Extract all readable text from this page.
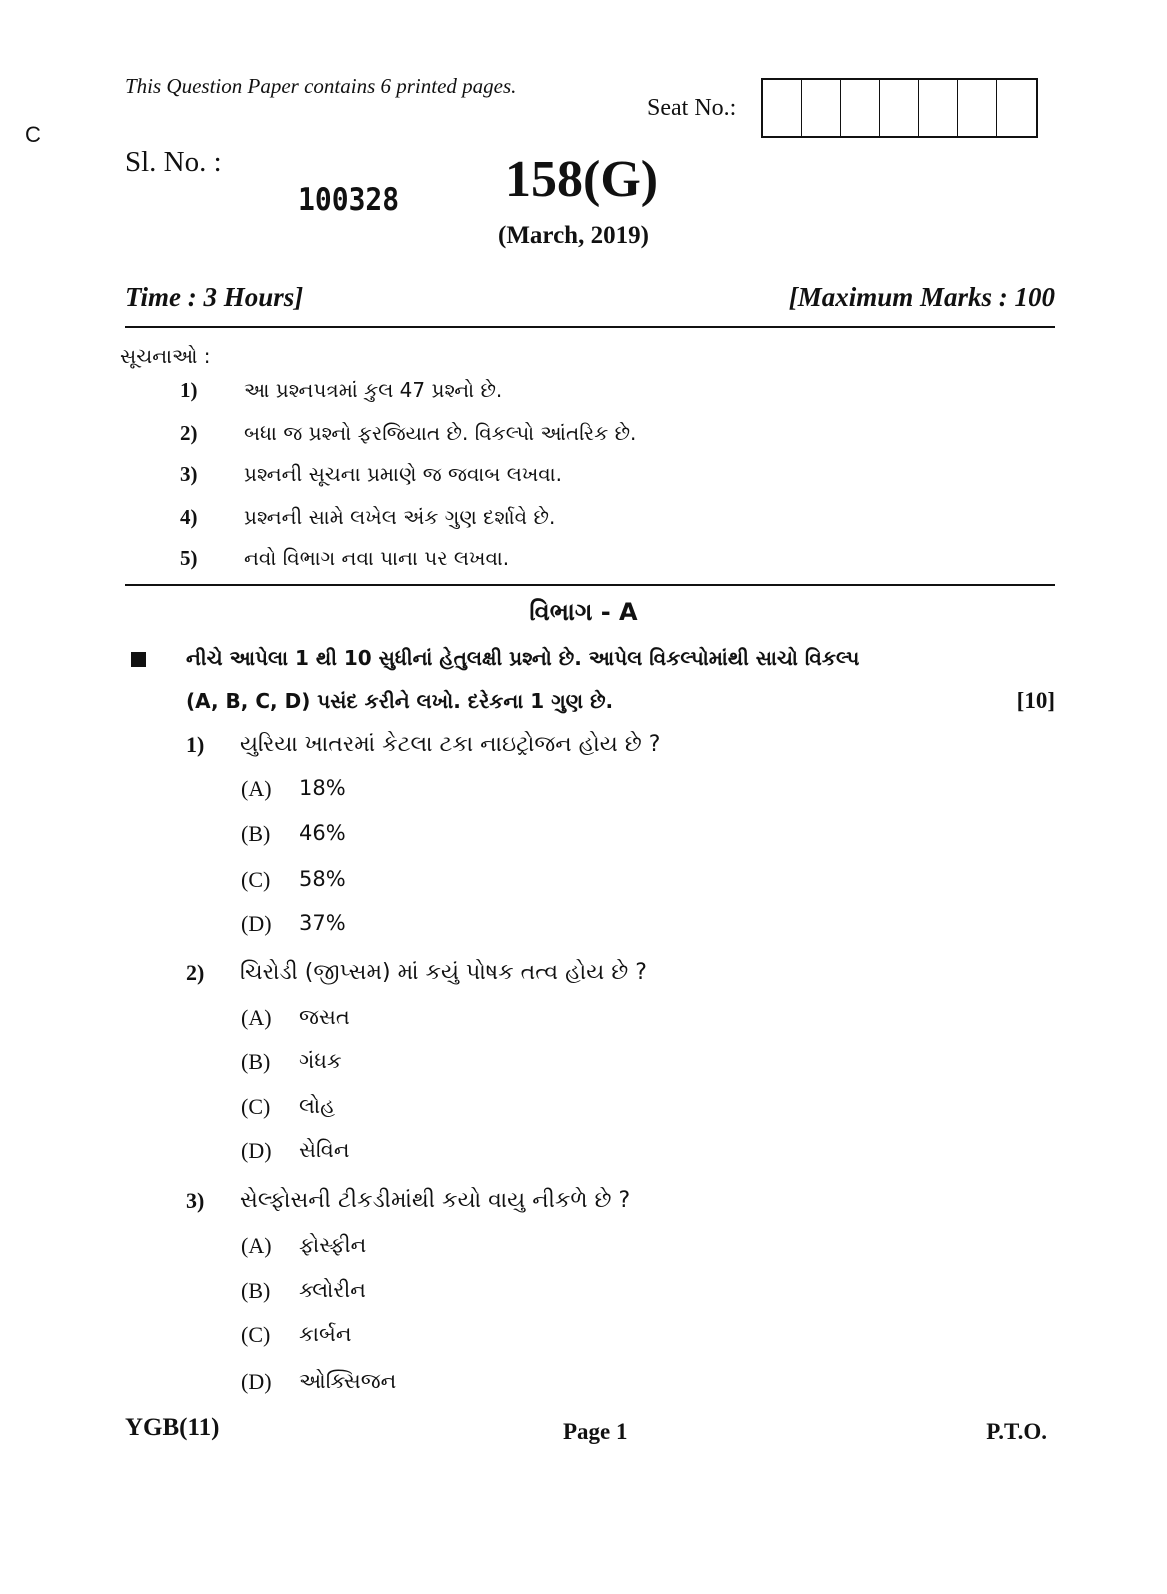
This Question Paper contains 6 printed pages.
C
Seat No.:
Sl. No. :
100328 158(G)
(March, 2019)
Time : 3 Hours]	[Maximum Marks : 100
સૂચનાઓ :
1)	આ પ્રશ્નપત્રમાં કુલ 47 પ્રશ્નો છે.
2)	બધા જ પ્રશ્નો ફરજિયાત છે. વિકલ્પો આંતરિક છે.
3)	પ્રશ્નની સૂચના પ્રમાણે જ જવાબ લખવા.
4)	પ્રશ્નની સામે લખેલ અંક ગુણ દર્શાવે છે.
5)	નવો વિભાગ નવા પાના પર લખવા.
વિભાગ - A
નીચે આપેલા 1 થી 10 સુધીનાં હેતુલક્ષી પ્રશ્નો છે. આપેલ વિકલ્પોમાંથી સાચો વિકલ્પ
(A, B, C, D) પસંદ કરીને લખો. દરેકના 1 ગુણ છે.	[10]
1)	યુરિયા ખાતરમાં કેટલા ટકા નાઇટ્રોજન હોય છે ?
(A)	18%
(B)	46%
(C)	58%
(D)	37%
2)	ચિરોડી (જીપ્સમ) માં કયું પોષક તત્વ હોય છે ?
(A)	જસત
(B)	ગંધક
(C)	લોહ
(D)	સેવિન
3)	સેલ્ફોસની ટીકડીમાંથી કયો વાયુ નીકળે છે ?
(A)	ફોસ્ફીન
(B)	ક્લોરીન
(C)	કાર્બન
(D)	ઓક્સિજન
YGB(11)	Page 1	P.T.O.
